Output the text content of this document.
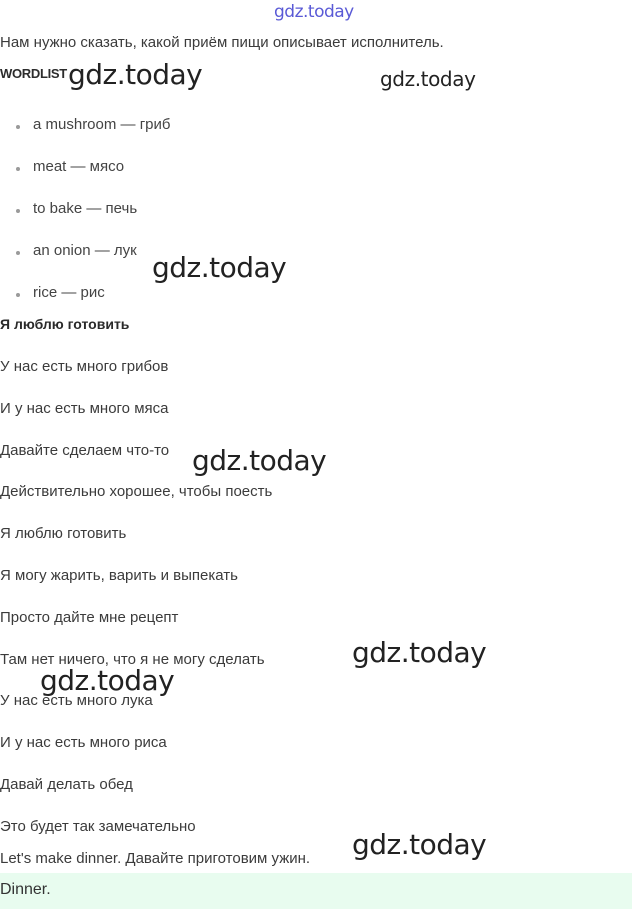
gdz.today
Нам нужно сказать, какой приём пищи описывает исполнитель.
WORDLIST
a mushroom — гриб
meat — мясо
to bake — печь
an onion — лук
rice — рис
Я люблю готовить
У нас есть много грибов
И у нас есть много мяса
Давайте сделаем что-то
Действительно хорошее, чтобы поесть
Я люблю готовить
Я могу жарить, варить и выпекать
Просто дайте мне рецепт
Там нет ничего, что я не могу сделать
У нас есть много лука
И у нас есть много риса
Давай делать обед
Это будет так замечательно
Let's make dinner. Давайте приготовим ужин.
Dinner.
gdz.today	gdz.today
gdz.today
gdz.today
gdz.today
gdz.today
gdz.today
